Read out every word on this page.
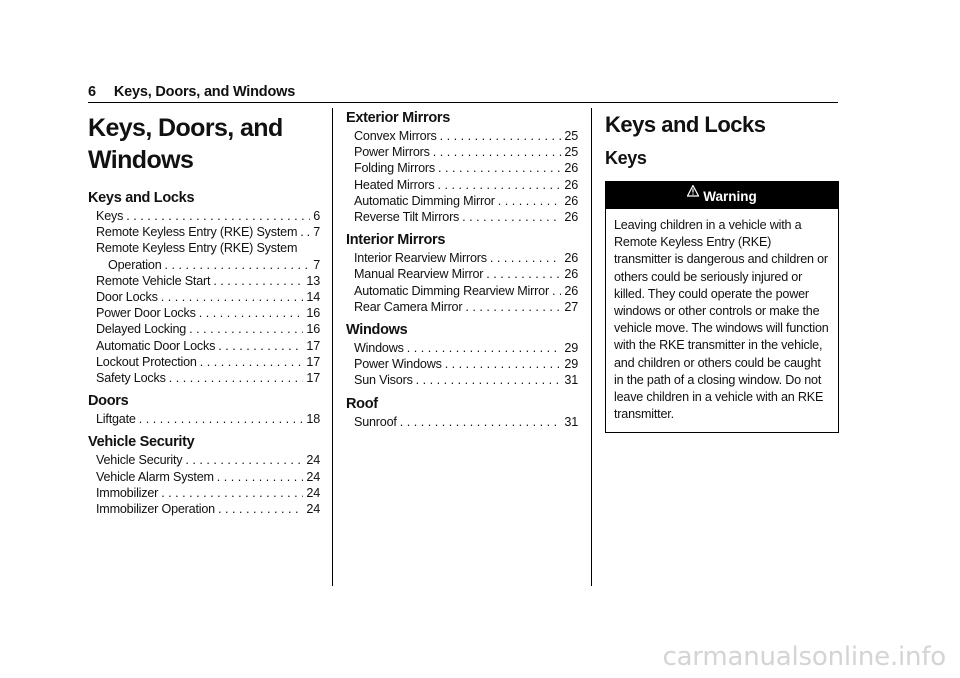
6 Keys, Doors, and Windows
Keys, Doors, and
Windows
Keys and Locks
Keys . . .	6
Remote Keyless Entry (RKE) System . . . . 7
Remote Keyless Entry (RKE) System
Operation . . .	7
Remote Vehicle Start . . .	13
Door Locks . . .	14
Power Door Locks . . .	16
Delayed Locking . . .	16
Automatic Door Locks . . .	17
Lockout Protection . . .	17
Safety Locks . . .	17
Doors
Liftgate . . .	18
Vehicle Security
Vehicle Security . . .	24
Vehicle Alarm System . . .	24
Immobilizer . . .	24
Immobilizer Operation . . .	24
Exterior Mirrors
Convex Mirrors . . .	25
Power Mirrors . . .	25
Folding Mirrors . . .	26
Heated Mirrors . . .	26
Automatic Dimming Mirror . . .	26
Reverse Tilt Mirrors . . .	26
Interior Mirrors
Interior Rearview Mirrors . . .	26
Manual Rearview Mirror . . .	26
Automatic Dimming Rearview Mirror . . . 26
Rear Camera Mirror . . .	27
Windows
Windows . . .	29
Power Windows . . .	29
Sun Visors . . .	31
Roof
Sunroof . . .	31
Keys and Locks
Keys
Warning
Leaving children in a vehicle with a Remote Keyless Entry (RKE) transmitter is dangerous and children or others could be seriously injured or killed. They could operate the power windows or other controls or make the vehicle move. The windows will function with the RKE transmitter in the vehicle, and children or others could be caught in the path of a closing window. Do not leave children in a vehicle with an RKE transmitter.
carmanualsonline.info
